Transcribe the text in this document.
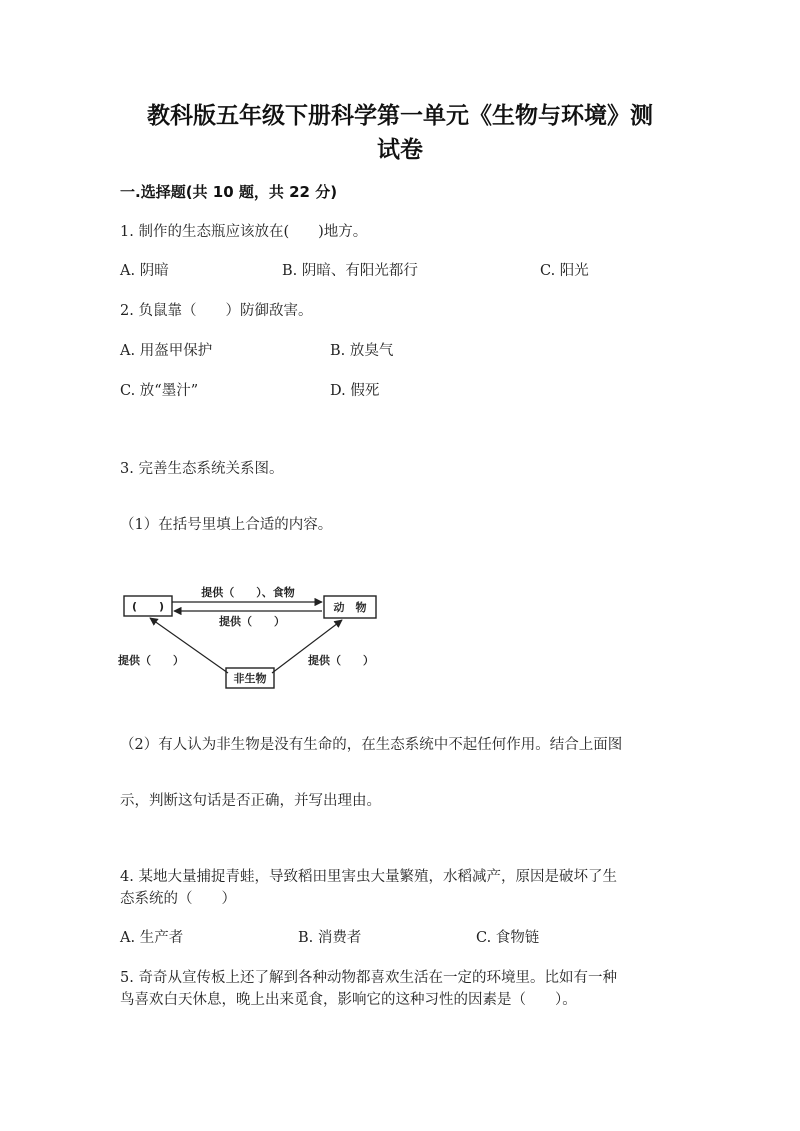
教科版五年级下册科学第一单元《生物与环境》测
试卷
一.选择题(共 10 题，共 22 分)
1. 制作的生态瓶应该放在(　　)地方。
A. 阴暗	B. 阴暗、有阳光都行	C. 阳光
2. 负鼠靠（　　）防御敌害。
A. 用盔甲保护	B. 放臭气
C. 放“墨汁”	D. 假死
3. 完善生态系统关系图。
（1）在括号里填上合适的内容。
(　　)	动　物
非生物
提供（　　）、食物
提供（　　）
提供（　　）	提供（　　）
（2）有人认为非生物是没有生命的，在生态系统中不起任何作用。结合上面图
示，判断这句话是否正确，并写出理由。
4. 某地大量捕捉青蛙，导致稻田里害虫大量繁殖，水稻减产，原因是破坏了生
态系统的（　　）
A. 生产者	B. 消费者	C. 食物链
5. 奇奇从宣传板上还了解到各种动物都喜欢生活在一定的环境里。比如有一种
鸟喜欢白天休息，晚上出来觅食，影响它的这种习性的因素是（　　）。
